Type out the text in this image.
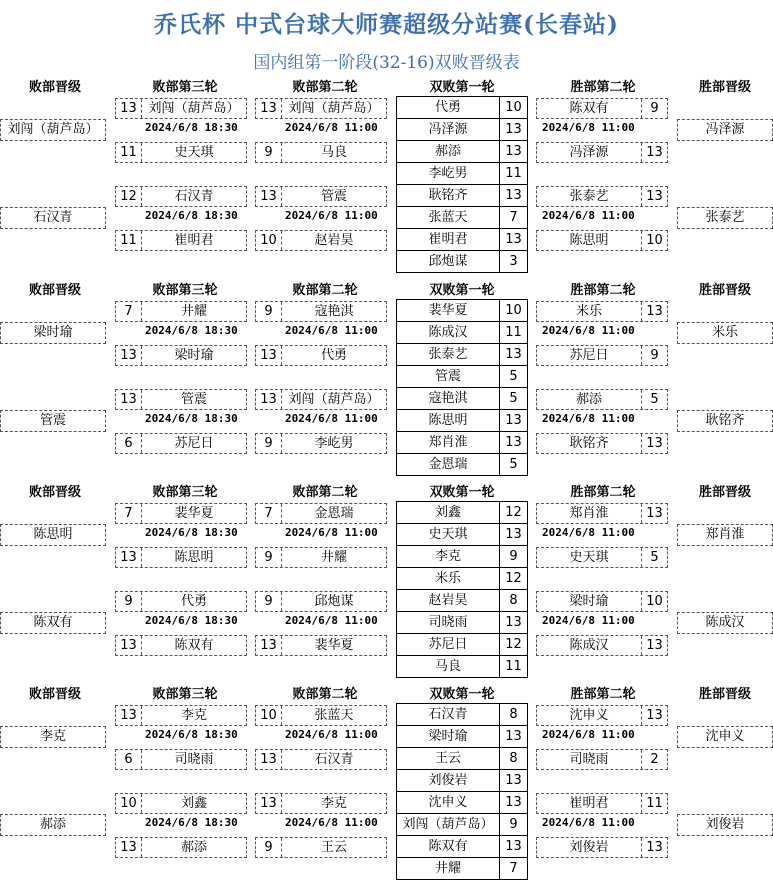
乔氏杯 中式台球大师赛超级分站赛(长春站)
国内组第一阶段(32-16)双败晋级表
败部晋级	败部第三轮	败部第二轮	双败第一轮	胜部第二轮	胜部晋级
代勇	10
冯泽源	13
郝添	13
李屹男	11
13 刘闯（葫芦岛）
11	史天琪
2024/6/8 18:30
13 刘闯（葫芦岛）
9	马良
2024/6/8 11:00
陈双有	9
冯泽源	13
2024/6/8 11:00
刘闯（葫芦岛）	冯泽源
耿铭齐	13
张蓝天	7
崔明君	13
邱炮谋	3
12	石汉青
11	崔明君
2024/6/8 18:30
13	管震
10	赵岩昊
2024/6/8 11:00
张泰艺	13
陈思明	10
2024/6/8 11:00
石汉青	张泰艺
败部晋级	败部第三轮	败部第二轮	双败第一轮	胜部第二轮	胜部晋级
裴华夏	10
陈成汉	11
张泰艺	13
管震	5
7	井耀
13	梁时瑜
2024/6/8 18:30
9	寇艳淇
13	代勇
2024/6/8 11:00
米乐	13
苏尼日	9
2024/6/8 11:00
梁时瑜	米乐
寇艳淇	5
陈思明	13
郑肖淮	13
金恩瑞	5
13	管震
6	苏尼日
2024/6/8 18:30
13 刘闯（葫芦岛）
9	李屹男
2024/6/8 11:00
郝添	5
耿铭齐	13
2024/6/8 11:00
管震	耿铭齐
败部晋级	败部第三轮	败部第二轮	双败第一轮	胜部第二轮	胜部晋级
刘鑫	12
史天琪	13
李克	9
米乐	12
7	裴华夏
13	陈思明
2024/6/8 18:30
7	金恩瑞
9	井耀
2024/6/8 11:00
郑肖淮	13
史天琪	5
2024/6/8 11:00
陈思明	郑肖淮
赵岩昊	8
司晓雨	13
苏尼日	12
马良	11
9	代勇
13	陈双有
2024/6/8 18:30
9	邱炮谋
13	裴华夏
2024/6/8 11:00
梁时瑜	10
陈成汉	13
2024/6/8 11:00
陈双有	陈成汉
败部晋级	败部第三轮	败部第二轮	双败第一轮	胜部第二轮	胜部晋级
石汉青	8
梁时瑜	13
王云	8
刘俊岩	13
13	李克
6	司晓雨
2024/6/8 18:30
10	张蓝天
13	石汉青
2024/6/8 11:00
沈申义	13
司晓雨	2
2024/6/8 11:00
李克	沈申义
沈申义	13
刘闯（葫芦岛）	9
陈双有	13
井耀	7
10	刘鑫
13	郝添
2024/6/8 18:30
13	李克
9	王云
2024/6/8 11:00
崔明君	11
刘俊岩	13
2024/6/8 11:00
郝添	刘俊岩
